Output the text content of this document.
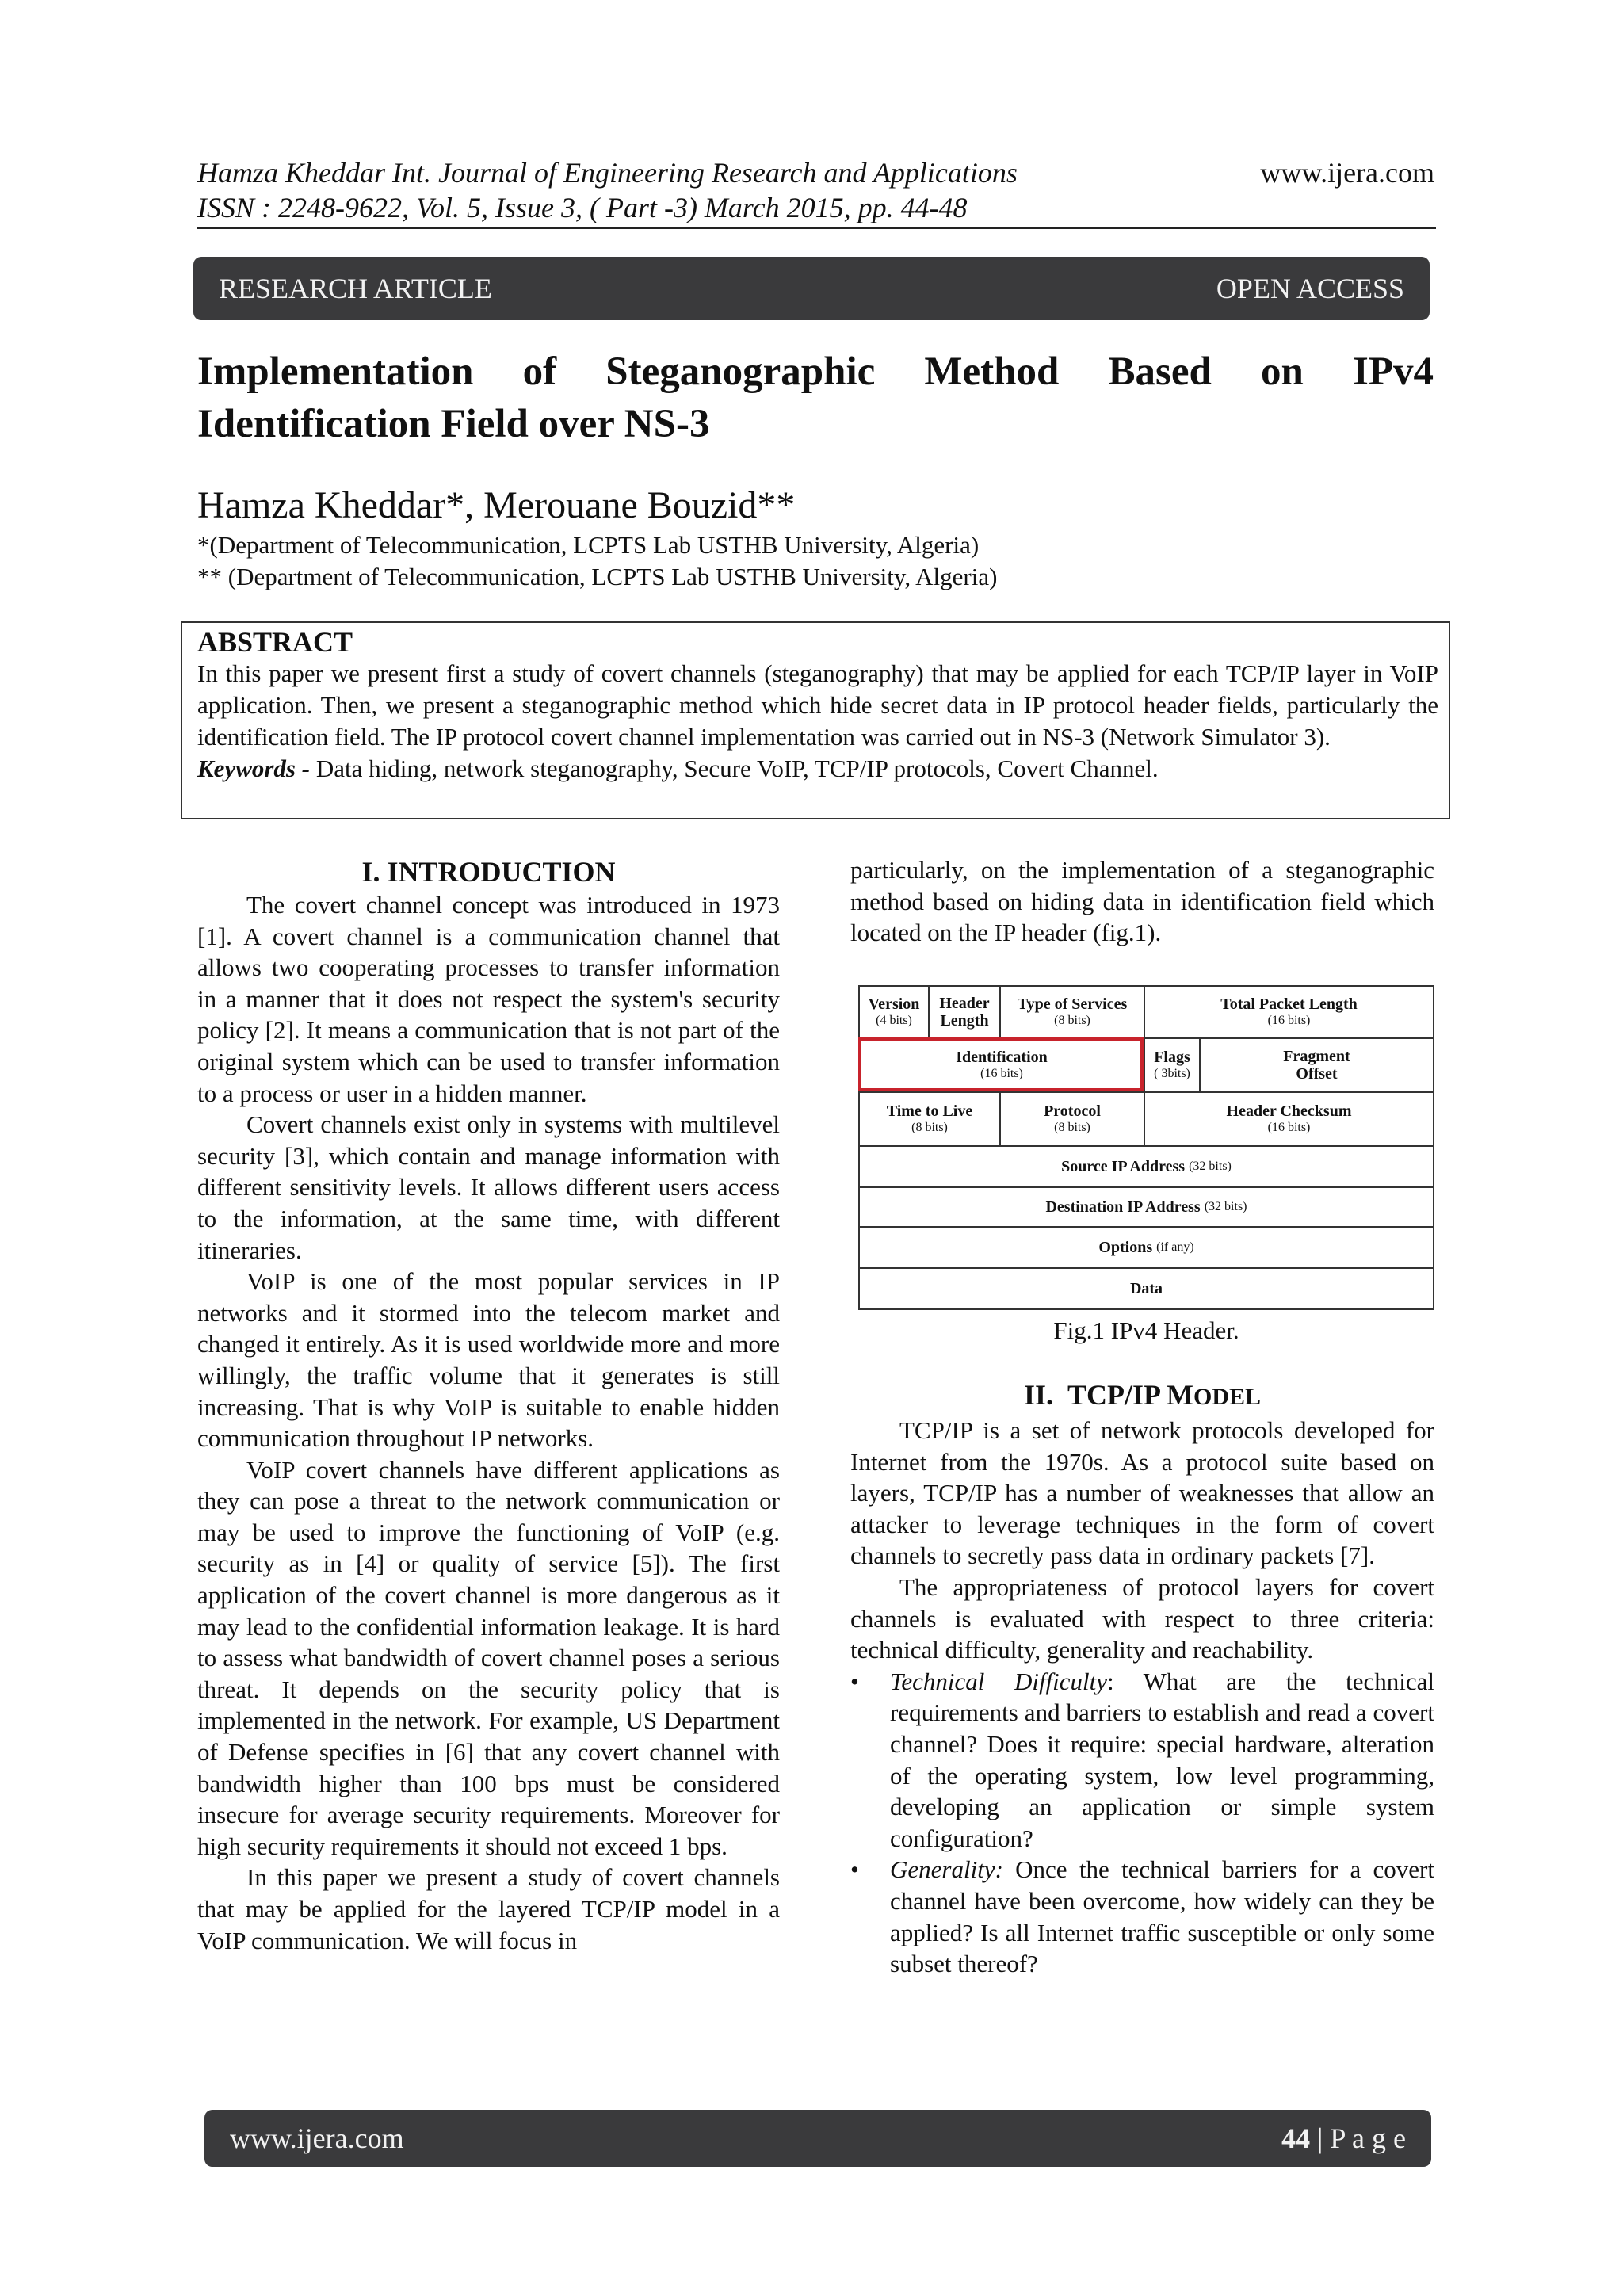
Hamza Kheddar Int. Journal of Engineering Research and Applications
ISSN : 2248-9622, Vol. 5, Issue 3, ( Part -3) March 2015, pp. 44-48
www.ijera.com
RESEARCH ARTICLE	OPEN ACCESS
Implementation of Steganographic Method Based on IPv4 Identification Field over NS-3
Hamza Kheddar*, Merouane Bouzid**
*(Department of Telecommunication, LCPTS Lab USTHB University, Algeria)
** (Department of Telecommunication, LCPTS Lab USTHB University, Algeria)
ABSTRACT
In this paper we present first a study of covert channels (steganography) that may be applied for each TCP/IP layer in VoIP application. Then, we present a steganographic method which hide secret data in IP protocol header fields, particularly the identification field. The IP protocol covert channel implementation was carried out in NS-3 (Network Simulator 3).
Keywords - Data hiding, network steganography, Secure VoIP, TCP/IP protocols, Covert Channel.
I. INTRODUCTION

The covert channel concept was introduced in 1973 [1]. A covert channel is a communication channel that allows two cooperating processes to transfer information in a manner that it does not respect the system's security policy [2]. It means a communication that is not part of the original system which can be used to transfer information to a process or user in a hidden manner.

Covert channels exist only in systems with multilevel security [3], which contain and manage information with different sensitivity levels. It allows different users access to the information, at the same time, with different itineraries.

VoIP is one of the most popular services in IP networks and it stormed into the telecom market and changed it entirely. As it is used worldwide more and more willingly, the traffic volume that it generates is still increasing. That is why VoIP is suitable to enable hidden communication throughout IP networks.

VoIP covert channels have different applications as they can pose a threat to the network communication or may be used to improve the functioning of VoIP (e.g. security as in [4] or quality of service [5]). The first application of the covert channel is more dangerous as it may lead to the confidential information leakage. It is hard to assess what bandwidth of covert channel poses a serious threat. It depends on the security policy that is implemented in the network. For example, US Department of Defense specifies in [6] that any covert channel with bandwidth higher than 100 bps must be considered insecure for average security requirements. Moreover for high security requirements it should not exceed 1 bps.

In this paper we present a study of covert channels that may be applied for the layered TCP/IP model in a VoIP communication. We will focus in

particularly, on the implementation of a steganographic method based on hiding data in identification field which located on the IP header (fig.1).

Version
(4 bits)
Header Length
Type of Services
(8 bits)
Total Packet Length
(16 bits)
Identification
(16 bits)
Flags
( 3bits)
Fragment Offset
Time to Live
(8 bits)
Protocol
(8 bits)
Header Checksum
(16 bits)
Source IP Address
(32 bits)
Destination IP Address
(32 bits)
Options
(if any)
Data
Fig.1 IPv4 Header.
II. TCP/IP MODEL

TCP/IP is a set of network protocols developed for Internet from the 1970s. As a protocol suite based on layers, TCP/IP has a number of weaknesses that allow an attacker to leverage techniques in the form of covert channels to secretly pass data in ordinary packets [7].

The appropriateness of protocol layers for covert channels is evaluated with respect to three criteria: technical difficulty, generality and reachability.

• Technical Difficulty: What are the technical requirements and barriers to establish and read a covert channel? Does it require: special hardware, alteration of the operating system, low level programming, developing an application or simple system configuration?
• Generality: Once the technical barriers for a covert channel have been overcome, how widely can they be applied? Is all Internet traffic susceptible or only some subset thereof?
www.ijera.com	44 | P a g e
